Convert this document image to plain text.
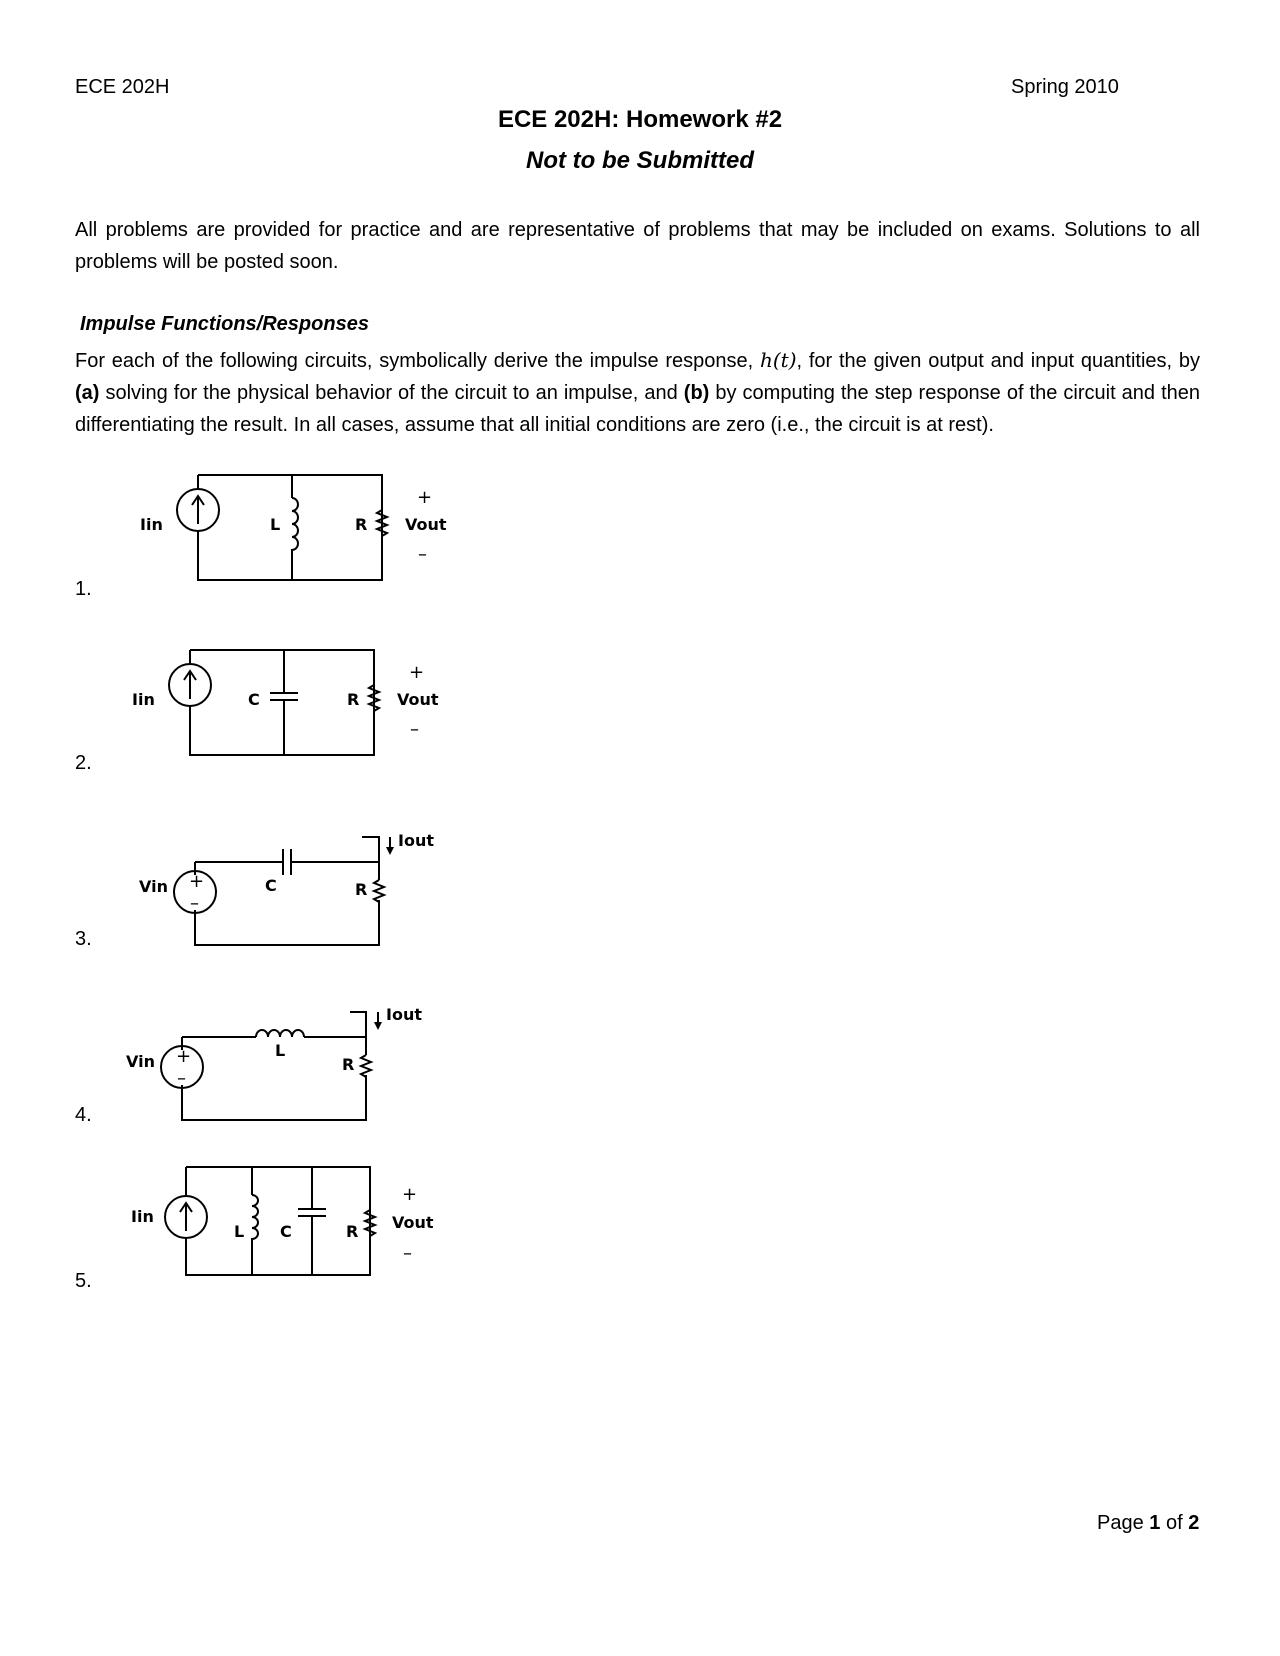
ECE 202H	Spring 2010
ECE 202H: Homework #2
Not to be Submitted
All problems are provided for practice and are representative of problems that may be included on exams. Solutions to all problems will be posted soon.
Impulse Functions/Responses
For each of the following circuits, symbolically derive the impulse response, h(t), for the given output and input quantities, by (a) solving for the physical behavior of the circuit to an impulse, and (b) by computing the step response of the circuit and then differentiating the result. In all cases, assume that all initial conditions are zero (i.e., the circuit is at rest).
1.
Iin	L	R Vout
+
–
2.
Iin	C	R Vout
+
–
3.
+
–
Vin	C	R
Iout
4.
+
–
Vin
L
R
Iout
5.
Iin
L C	R Vout
+
–
Page 1 of 2
